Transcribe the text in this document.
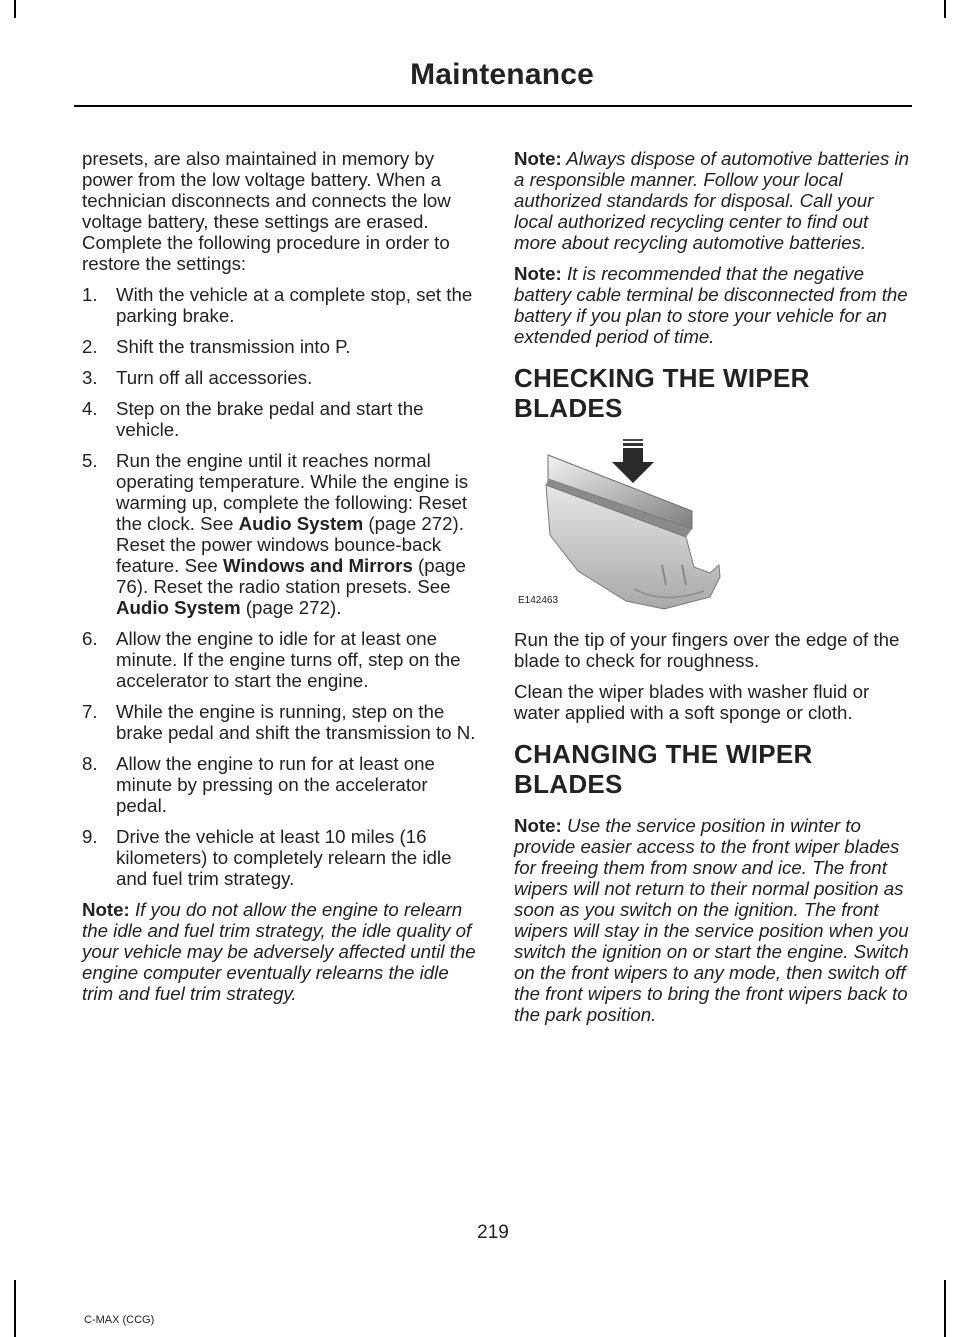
Maintenance

presets, are also maintained in memory by power from the low voltage battery. When a technician disconnects and connects the low voltage battery, these settings are erased. Complete the following procedure in order to restore the settings:

1. With the vehicle at a complete stop, set the parking brake.
2. Shift the transmission into P.
3. Turn off all accessories.
4. Step on the brake pedal and start the vehicle.
5. Run the engine until it reaches normal operating temperature. While the engine is warming up, complete the following: Reset the clock. See Audio System (page 272). Reset the power windows bounce-back feature. See Windows and Mirrors (page 76). Reset the radio station presets. See Audio System (page 272).
6. Allow the engine to idle for at least one minute. If the engine turns off, step on the accelerator to start the engine.
7. While the engine is running, step on the brake pedal and shift the transmission to N.
8. Allow the engine to run for at least one minute by pressing on the accelerator pedal.
9. Drive the vehicle at least 10 miles (16 kilometers) to completely relearn the idle and fuel trim strategy.

Note: If you do not allow the engine to relearn the idle and fuel trim strategy, the idle quality of your vehicle may be adversely affected until the engine computer eventually relearns the idle trim and fuel trim strategy.

Note: Always dispose of automotive batteries in a responsible manner. Follow your local authorized standards for disposal. Call your local authorized recycling center to find out more about recycling automotive batteries.

Note: It is recommended that the negative battery cable terminal be disconnected from the battery if you plan to store your vehicle for an extended period of time.

CHECKING THE WIPER BLADES
E142463

Run the tip of your fingers over the edge of the blade to check for roughness.

Clean the wiper blades with washer fluid or water applied with a soft sponge or cloth.

CHANGING THE WIPER BLADES

Note: Use the service position in winter to provide easier access to the front wiper blades for freeing them from snow and ice. The front wipers will not return to their normal position as soon as you switch on the ignition. The front wipers will stay in the service position when you switch the ignition on or start the engine. Switch on the front wipers to any mode, then switch off the front wipers to bring the front wipers back to the park position.

219
C-MAX (CCG)
